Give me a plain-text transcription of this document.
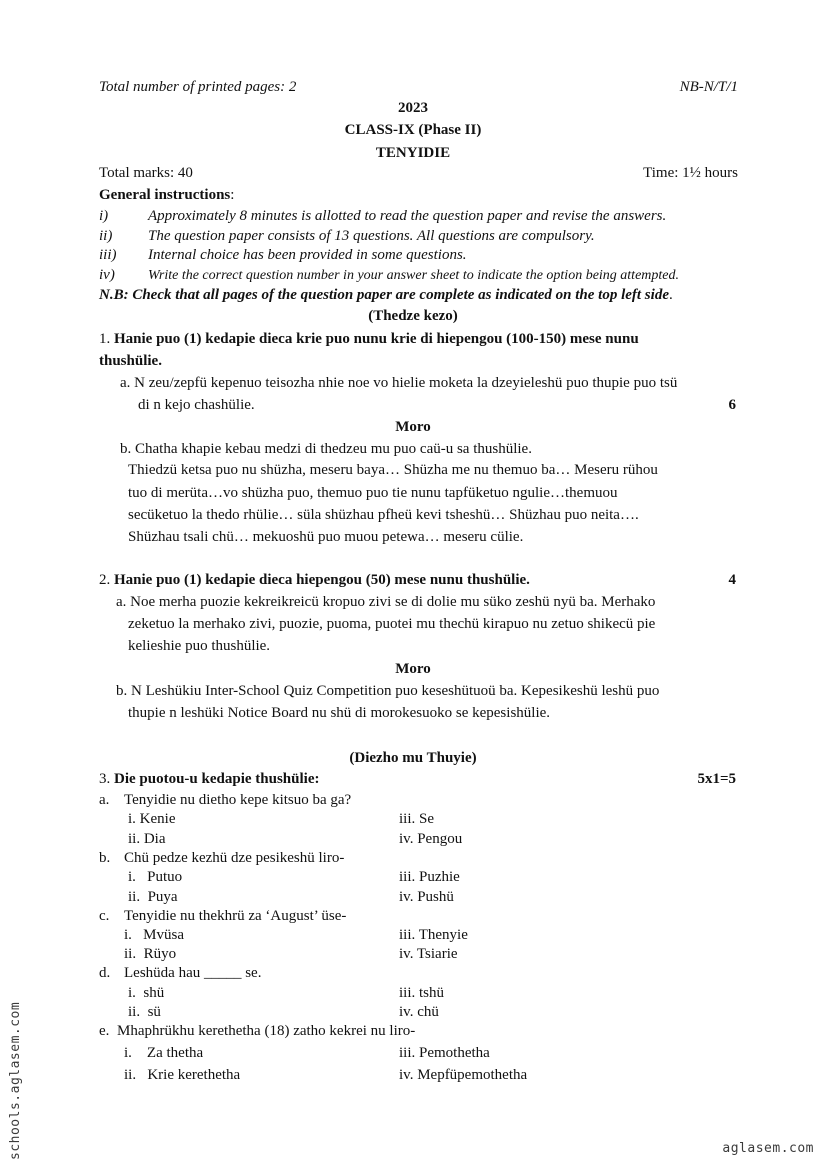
Total number of printed pages: 2	NB-N/T/1
2023
CLASS-IX (Phase II)
TENYIDIE
Total marks: 40	Time: 1½ hours
General instructions:
i)	Approximately 8 minutes is allotted to read the question paper and revise the answers.
ii) The question paper consists of 13 questions. All questions are compulsory.
iii) Internal choice has been provided in some questions.
iv) Write the correct question number in your answer sheet to indicate the option being attempted.
N.B: Check that all pages of the question paper are complete as indicated on the top left side.
(Thedze kezo)
1. Hanie puo (1) kedapie dieca krie puo nunu krie di hiepengou (100-150) mese nunu
thushülie.
a. N zeu/zepfü kepenuo teisozha nhie noe vo hielie moketa la dzeyieleshü puo thupie puo tsü
di n kejo chashülie.	6
Moro
b. Chatha khapie kebau medzi di thedzeu mu puo caü-u sa thushülie.
Thiedzü ketsa puo nu shüzha, meseru baya… Shüzha me nu themuo ba… Meseru rühou
tuo di merüta…vo shüzha puo, themuo puo tie nunu tapfüketuo ngulie…themuou
secüketuo la thedo rhülie… süla shüzhau pfheü kevi tsheshü… Shüzhau puo neita….
Shüzhau tsali chü… mekuoshü puo muou petewa… meseru cülie.
2. Hanie puo (1) kedapie dieca hiepengou (50) mese nunu thushülie.	4
a. Noe merha puozie kekreikreicü kropuo zivi se di dolie mu süko zeshü nyü ba. Merhako
zeketuo la merhako zivi, puozie, puoma, puotei mu thechü kirapuo nu zetuo shikecü pie
kelieshie puo thushülie.
Moro
b. N Leshükiu Inter-School Quiz Competition puo keseshütuoü ba. Kepesikeshü leshü puo
thupie n leshüki Notice Board nu shü di morokesuoko se kepesishülie.
(Diezho mu Thuyie)
3. Die puotou-u kedapie thushülie:	5x1=5
a. Tenyidie nu dietho kepe kitsuo ba ga?
i. Kenie	iii. Se
ii. Dia	iv. Pengou
b. Chü pedze kezhü dze pesikeshü liro-
i.   Putuo	iii. Puzhie
ii.  Puya	iv. Pushü
c. Tenyidie nu thekhrü za ‘August’ üse-
i.   Mvüsa	iii. Thenyie
ii.  Rüyo	iv. Tsiarie
d. Leshüda hau _____ se.
i.  shü	iii. tshü
ii.  sü	iv. chü
e. Mhaphrükhu kerethetha (18) zatho kekrei nu liro-
i.    Za thetha	iii. Pemothetha
ii.   Krie kerethetha	iv. Mepfüpemothetha
schools.aglasem.com	aglasem.com
